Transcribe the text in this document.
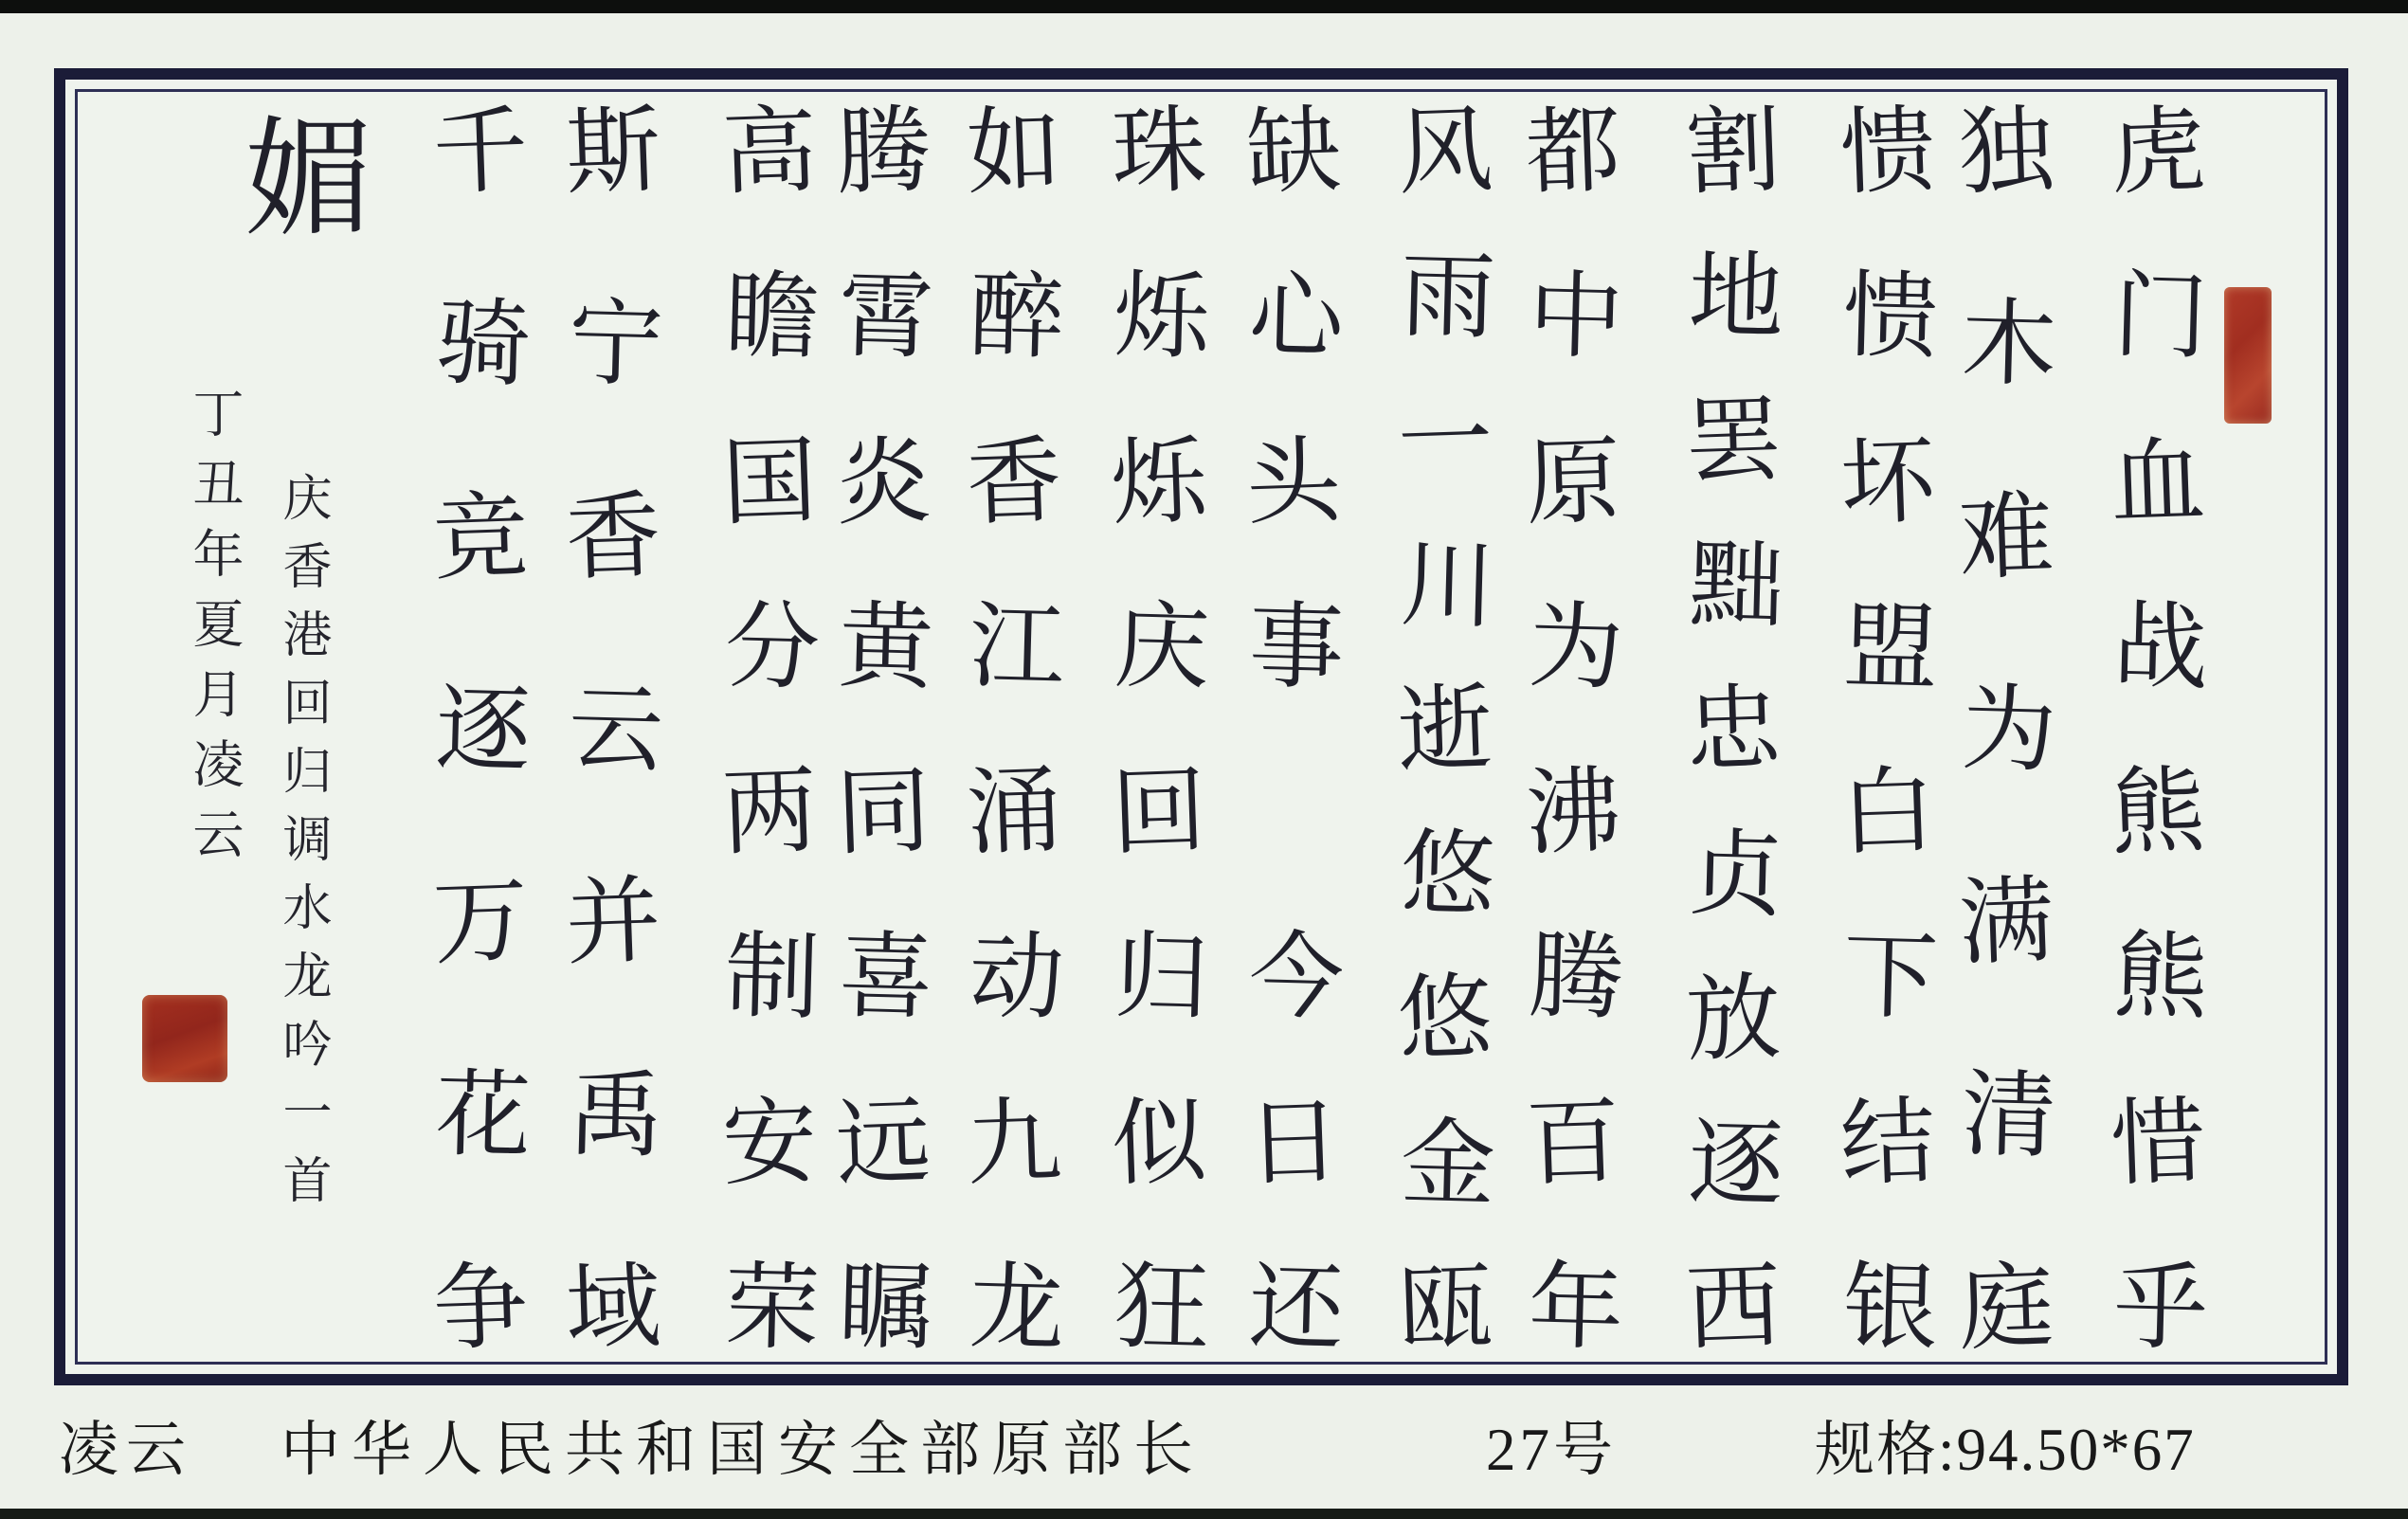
虎
门
血
战
熊
熊
惜
乎
独
木
难
为
满
清
庭
愦
愦
坏
盟
白
下
结
银
割
地
罢
黜
忠
贞
放
逐
西
都
中
原
为
沸
腾
百
年
风
雨
一
川
逝
悠
悠
金
瓯
缺
心
头
事

今
日
还
珠
烁
烁
庆
回
归
似
狂
如
醉
香
江
涌
动
九
龙
腾
霄
炎
黄
同
喜
远
瞩
高
瞻
国
分
两
制
安
荣
斯
宁
香
云
并
禹
域
千
骑
竞
逐
万
花
争
媚
庆香港回归调水龙吟一首
丁丑年夏月凌云
凌云 中华人民共和国安全部原部长	27号	规格:94.50*67
